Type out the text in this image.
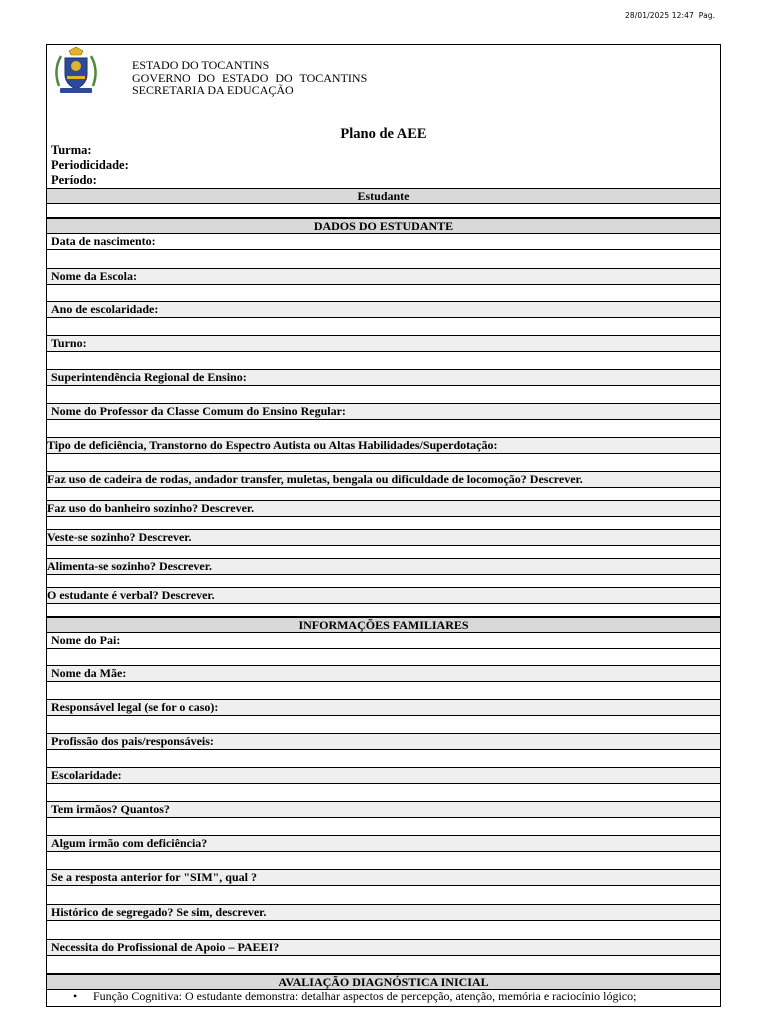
28/01/2025 12:47 Pag.
ESTADO DO TOCANTINS
GOVERNO DO ESTADO DO TOCANTINS
SECRETARIA DA EDUCAÇÃO
Plano de AEE
Turma:
Periodicidade:
Período:
Estudante
DADOS DO ESTUDANTE
Data de nascimento:
Nome da Escola:
Ano de escolaridade:
Turno:
Superintendência Regional de Ensino:
Nome do Professor da Classe Comum do Ensino Regular:
Tipo de deficiência, Transtorno do Espectro Autista ou Altas Habilidades/Superdotação:
Faz uso de cadeira de rodas, andador transfer, muletas, bengala ou dificuldade de locomoção? Descrever.
Faz uso do banheiro sozinho? Descrever.
Veste-se sozinho? Descrever.
Alimenta-se sozinho? Descrever.
O estudante é verbal? Descrever.
INFORMAÇÕES FAMILIARES
Nome do Pai:
Nome da Mãe:
Responsável legal (se for o caso):
Profissão dos pais/responsáveis:
Escolaridade:
Tem irmãos? Quantos?
Algum irmão com deficiência?
Se a resposta anterior for "SIM", qual ?
Histórico de segregado? Se sim, descrever.
Necessita do Profissional de Apoio – PAEEI?
AVALIAÇÃO DIAGNÓSTICA INICIAL
• Função Cognitiva: O estudante demonstra: detalhar aspectos de percepção, atenção, memória e raciocínio lógico;
